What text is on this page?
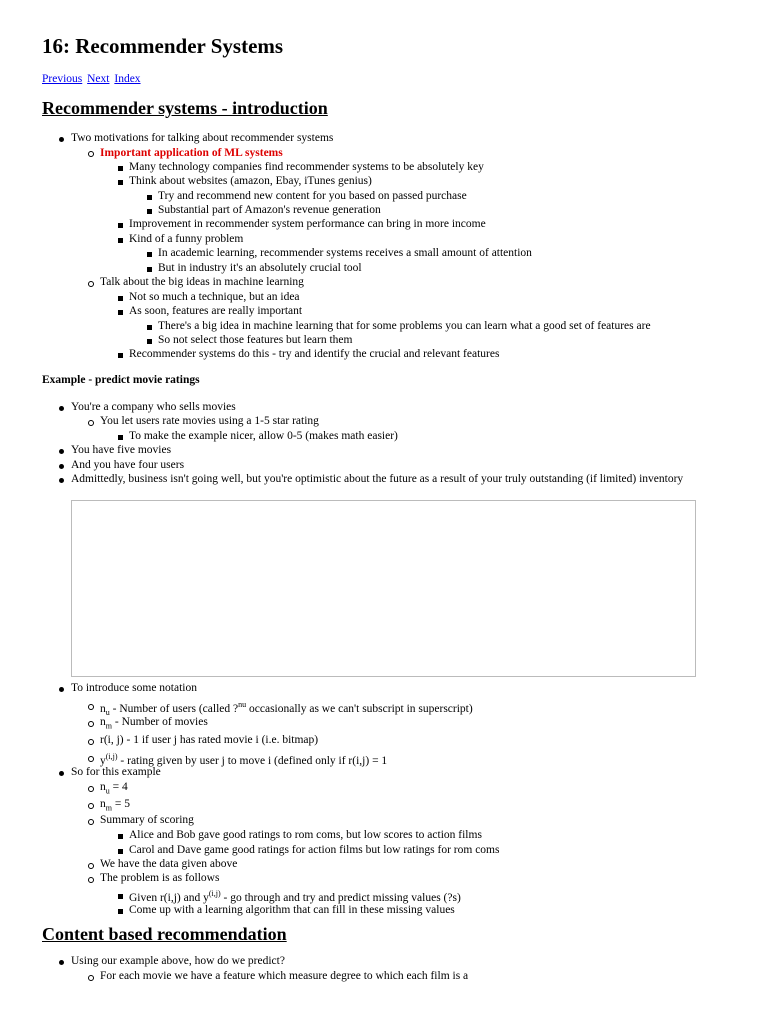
16: Recommender Systems
Previous Next Index
Recommender systems - introduction
Two motivations for talking about recommender systems
Important application of ML systems
Many technology companies find recommender systems to be absolutely key
Think about websites (amazon, Ebay, iTunes genius)
Try and recommend new content for you based on passed purchase
Substantial part of Amazon's revenue generation
Improvement in recommender system performance can bring in more income
Kind of a funny problem
In academic learning, recommender systems receives a small amount of attention
But in industry it's an absolutely crucial tool
Talk about the big ideas in machine learning
Not so much a technique, but an idea
As soon, features are really important
There's a big idea in machine learning that for some problems you can learn what a good set of features are
So not select those features but learn them
Recommender systems do this - try and identify the crucial and relevant features
Example - predict movie ratings
You're a company who sells movies
You let users rate movies using a 1-5 star rating
To make the example nicer, allow 0-5 (makes math easier)
You have five movies
And you have four users
Admittedly, business isn't going well, but you're optimistic about the future as a result of your truly outstanding (if limited) inventory
To introduce some notation
$n_u$ - Number of users (called ?$^{nu}$ occasionally as we can't subscript in superscript)
$n_m$ - Number of movies
r(i, j) - 1 if user j has rated movie i (i.e. bitmap)
$y^{(i,j)}$ - rating given by user j to move i (defined only if r(i,j) = 1
So for this example
$n_u = 4$
$n_m = 5$
Summary of scoring
Alice and Bob gave good ratings to rom coms, but low scores to action films
Carol and Dave game good ratings for action films but low ratings for rom coms
We have the data given above
The problem is as follows
Given r(i,j) and $y^{(i,j)}$ - go through and try and predict missing values (?s)
Come up with a learning algorithm that can fill in these missing values
Content based recommendation
Using our example above, how do we predict?
For each movie we have a feature which measure degree to which each film is a
